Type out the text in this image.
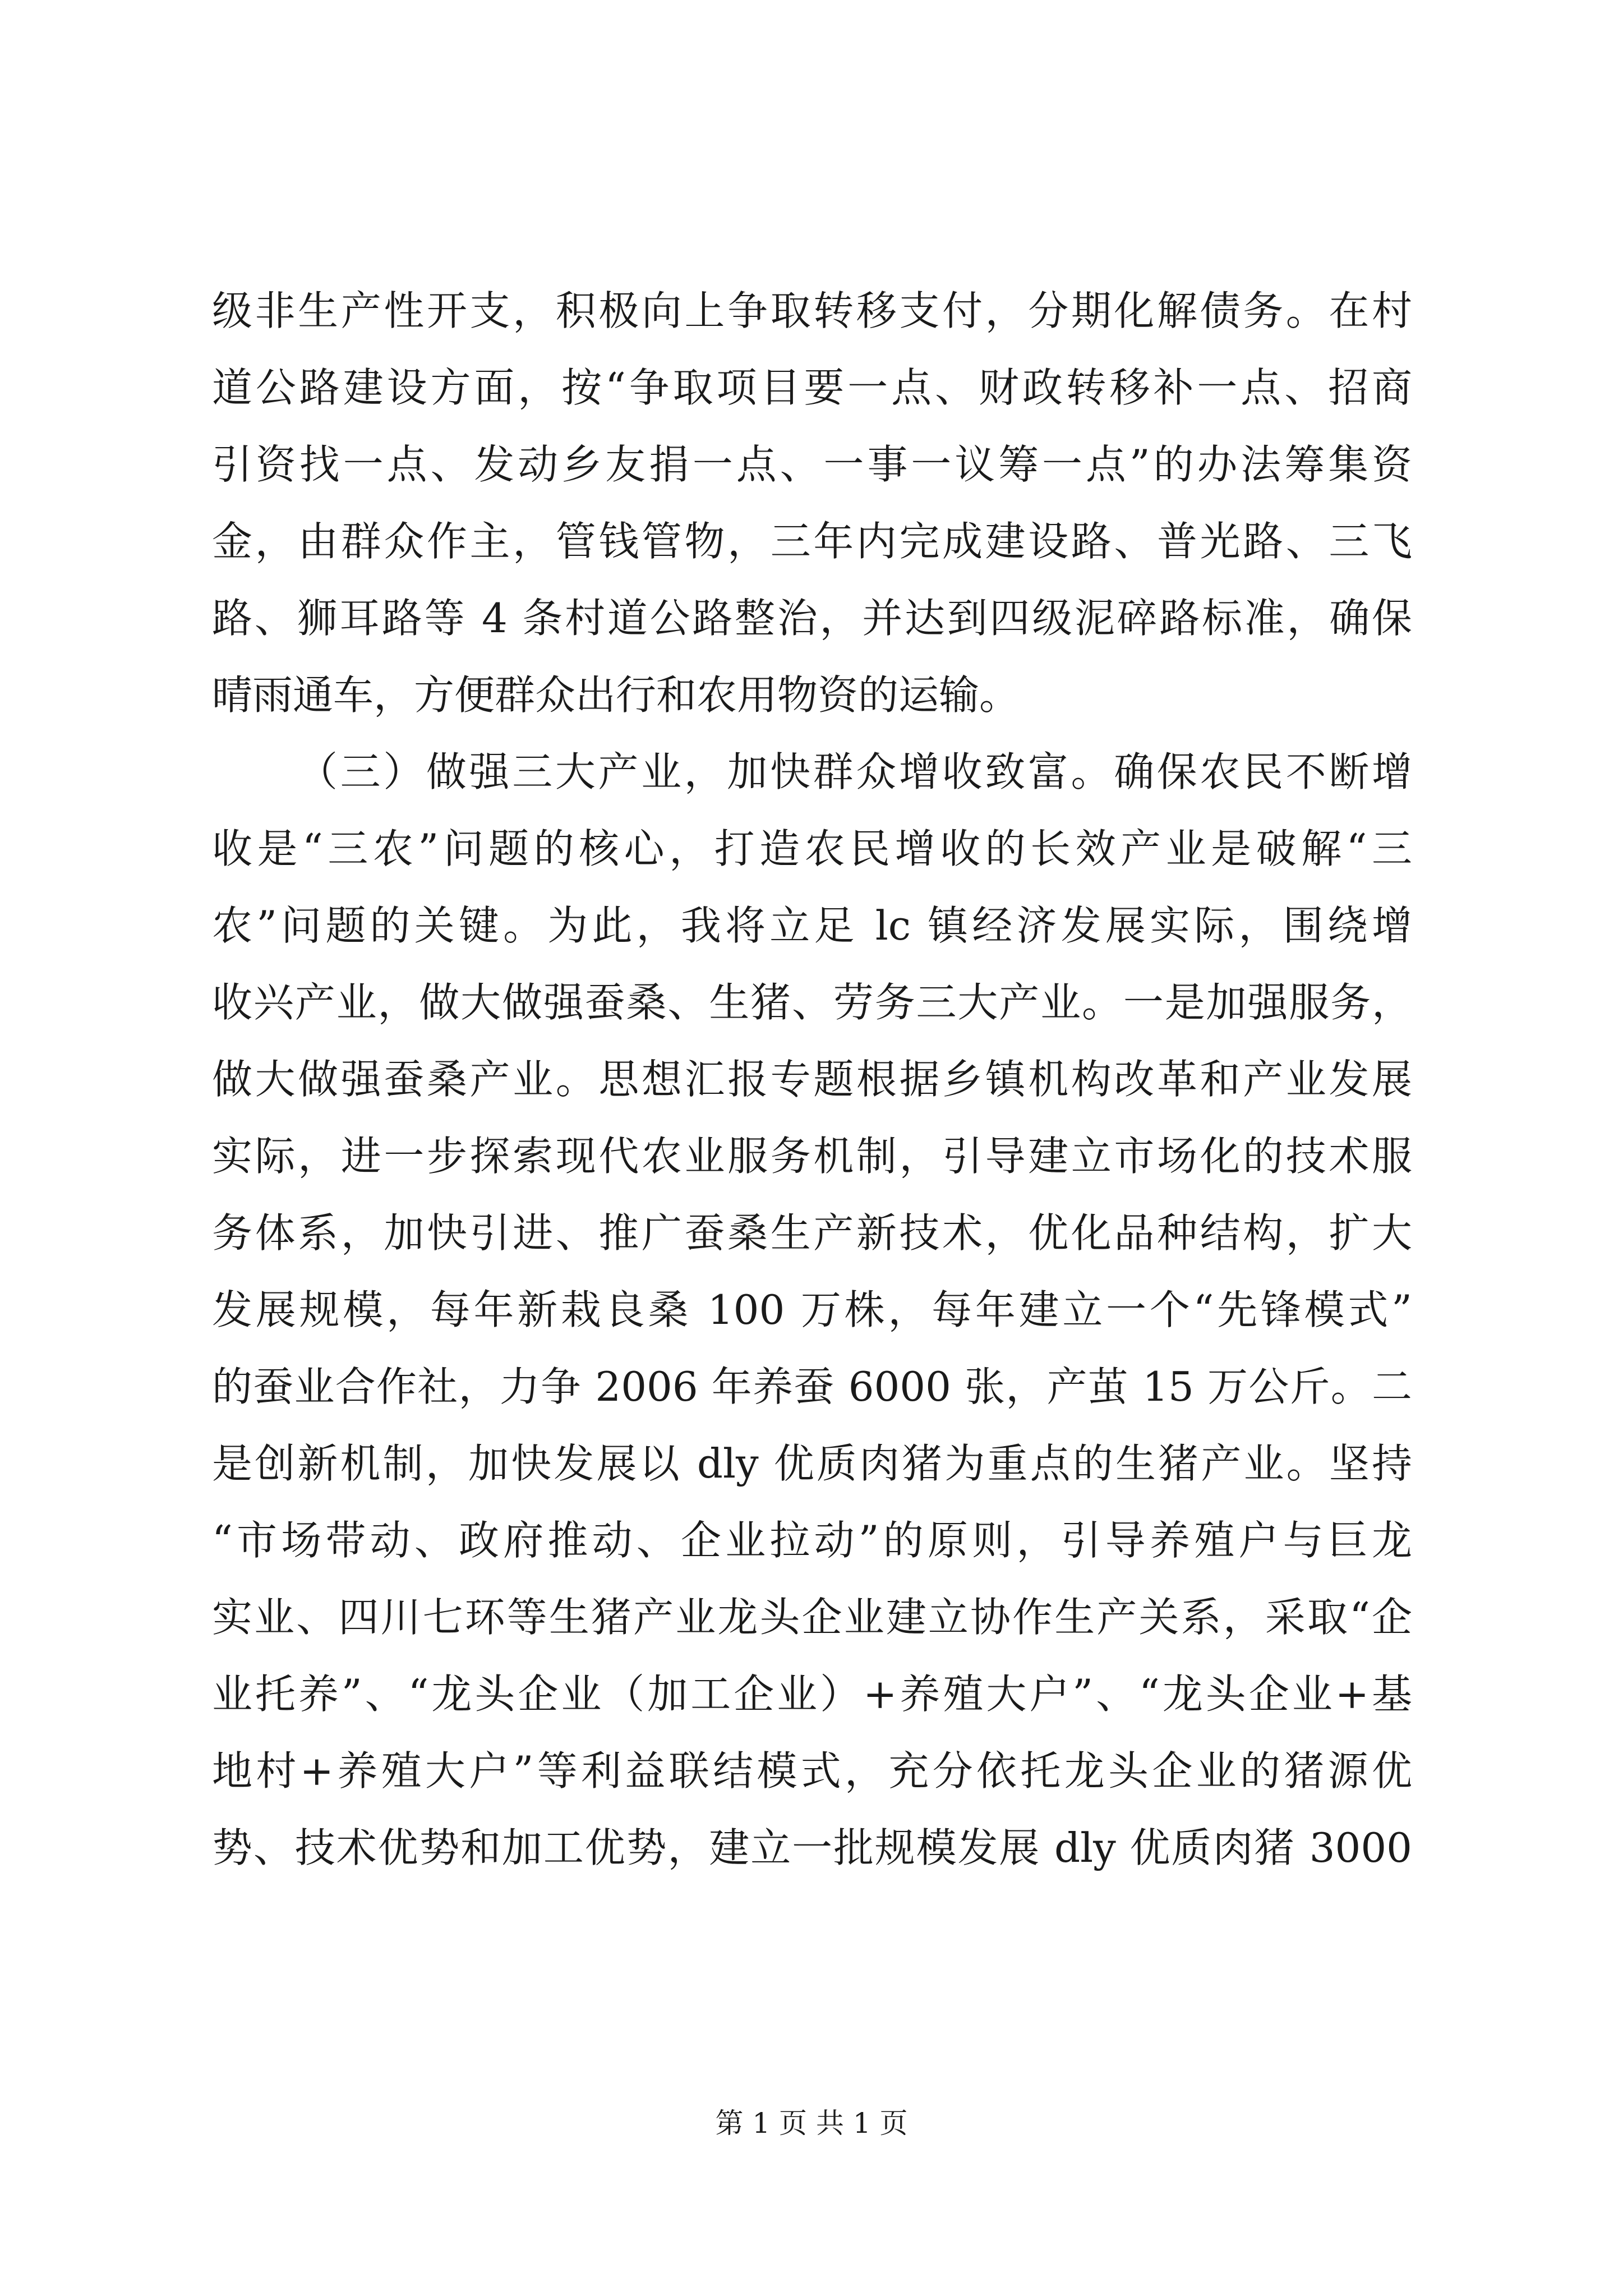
级非生产性开支，积极向上争取转移支付，分期化解债务。在村
道公路建设方面，按“争取项目要一点、财政转移补一点、招商
引资找一点、发动乡友捐一点、一事一议筹一点”的办法筹集资
金，由群众作主，管钱管物，三年内完成建设路、普光路、三飞
路、狮耳路等 4 条村道公路整治，并达到四级泥碎路标准，确保
晴雨通车，方便群众出行和农用物资的运输。
（三）做强三大产业，加快群众增收致富。确保农民不断增
收是“三农”问题的核心，打造农民增收的长效产业是破解“三
农”问题的关键。为此，我将立足 lc 镇经济发展实际，围绕增
收兴产业，做大做强蚕桑、生猪、劳务三大产业。一是加强服务，
做大做强蚕桑产业。思想汇报专题根据乡镇机构改革和产业发展
实际，进一步探索现代农业服务机制，引导建立市场化的技术服
务体系，加快引进、推广蚕桑生产新技术，优化品种结构，扩大
发展规模，每年新栽良桑 100 万株，每年建立一个“先锋模式”
的蚕业合作社，力争 2006 年养蚕 6000 张，产茧 15 万公斤。二
是创新机制，加快发展以 dly 优质肉猪为重点的生猪产业。坚持
“市场带动、政府推动、企业拉动”的原则，引导养殖户与巨龙
实业、四川七环等生猪产业龙头企业建立协作生产关系，采取“企
业托养”、“龙头企业（加工企业）+养殖大户”、“龙头企业+基
地村+养殖大户”等利益联结模式，充分依托龙头企业的猪源优
势、技术优势和加工优势，建立一批规模发展 dly 优质肉猪 3000
第 1 页 共 1 页
